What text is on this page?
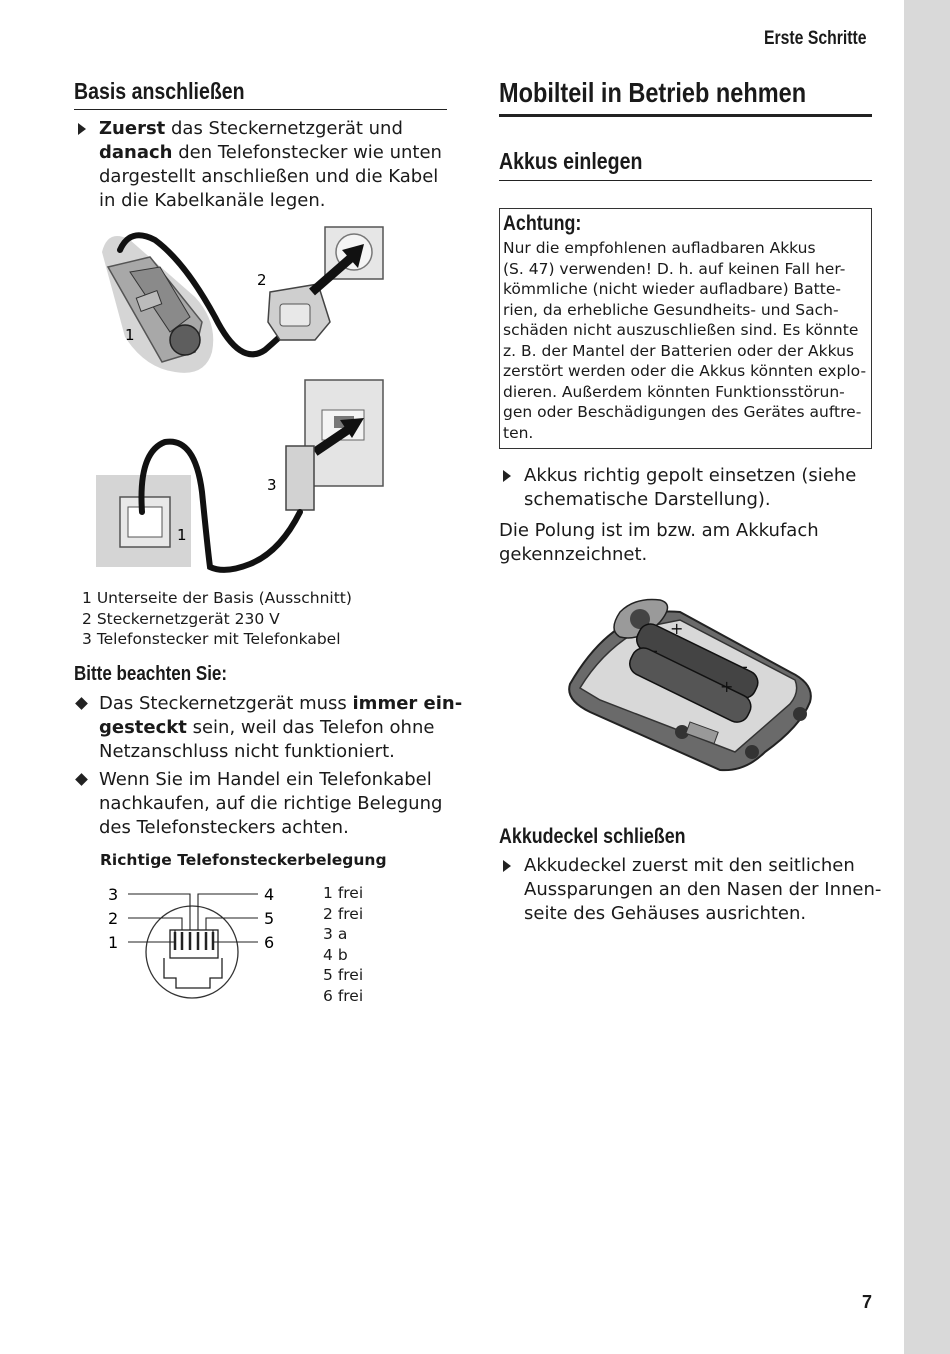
Erste Schritte
Basis anschließen
Zuerst das Steckernetzgerät und
danach den Telefonstecker wie unten
dargestellt anschließen und die Kabel
in die Kabelkanäle legen.
1
2
3
1
1 Unterseite der Basis (Ausschnitt)
2 Steckernetzgerät 230 V
3 Telefonstecker mit Telefonkabel
Bitte beachten Sie:
Das Steckernetzgerät muss immer ein-
gesteckt sein, weil das Telefon ohne
Netzanschluss nicht funktioniert.
Wenn Sie im Handel ein Telefonkabel
nachkaufen, auf die richtige Belegung
des Telefonsteckers achten.
Richtige Telefonsteckerbelegung
3
2
1
4
5
6
1 frei
2 frei
3 a
4 b
5 frei
6 frei
Mobilteil in Betrieb nehmen
Akkus einlegen
Achtung:
Nur die empfohlenen aufladbaren Akkus
(S. 47) verwenden! D. h. auf keinen Fall her-
kömmliche (nicht wieder aufladbare) Batte-
rien, da erhebliche Gesundheits- und Sach-
schäden nicht auszuschließen sind. Es könnte
z. B. der Mantel der Batterien oder der Akkus
zerstört werden oder die Akkus könnten explo-
dieren. Außerdem könnten Funktionsstörun-
gen oder Beschädigungen des Gerätes auftre-
ten.
Akkus richtig gepolt einsetzen (siehe
schematische Darstellung).
Die Polung ist im bzw. am Akkufach
gekennzeichnet.
+
-
-
+
Akkudeckel schließen
Akkudeckel zuerst mit den seitlichen
Aussparungen an den Nasen der Innen-
seite des Gehäuses ausrichten.
7
